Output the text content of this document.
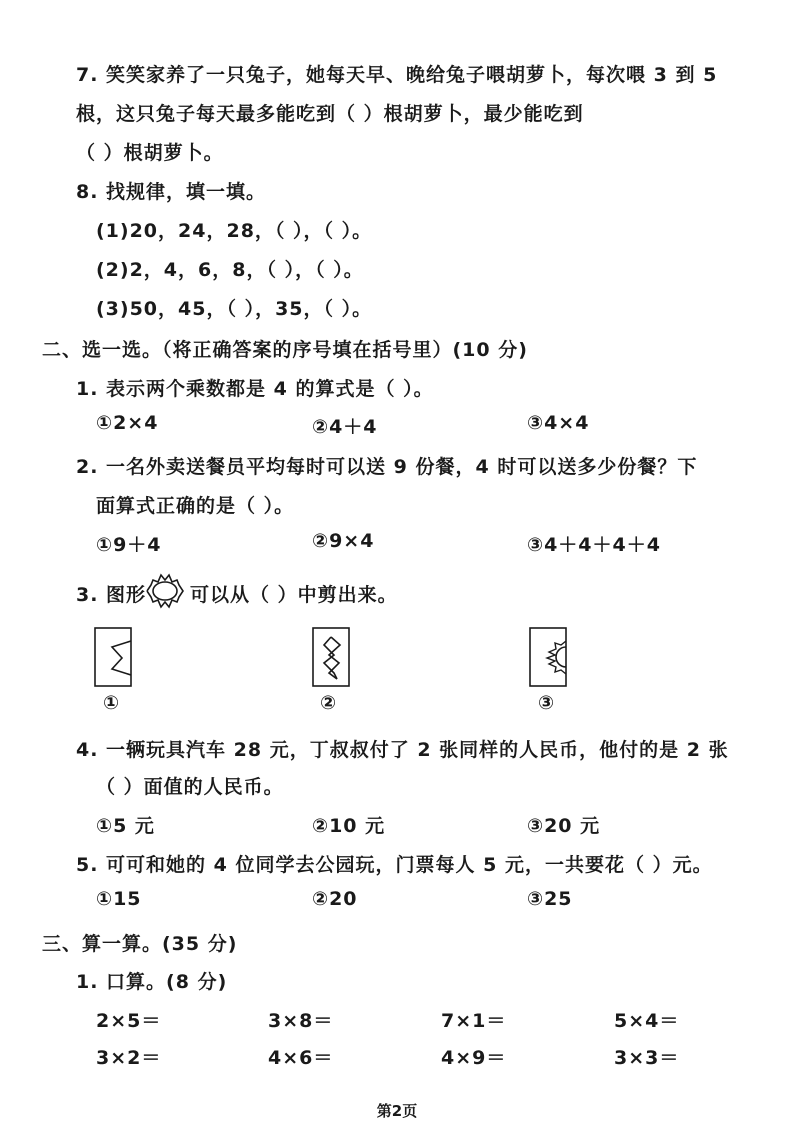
7. 笑笑家养了一只兔子，她每天早、晚给兔子喂胡萝卜，每次喂 3 到 5
根，这只兔子每天最多能吃到（ ）根胡萝卜，最少能吃到
（ ）根胡萝卜。
8. 找规律，填一填。
(1)20，24，28，（ ），（ ）。
(2)2，4，6，8，（ ），（ ）。
(3)50，45，（ ），35，（ ）。
二、选一选。（将正确答案的序号填在括号里）(10 分)
1. 表示两个乘数都是 4 的算式是（ ）。
①2×4	②4＋4	③4×4
2. 一名外卖送餐员平均每时可以送 9 份餐，4 时可以送多少份餐？下
面算式正确的是（ ）。
①9＋4	②9×4	③4＋4＋4＋4
3. 图形 可以从（ ）中剪出来。
①	②	③
4. 一辆玩具汽车 28 元，丁叔叔付了 2 张同样的人民币，他付的是 2 张
（ ）面值的人民币。
①5 元	②10 元	③20 元
5. 可可和她的 4 位同学去公园玩，门票每人 5 元，一共要花（ ）元。
①15	②20	③25
三、算一算。(35 分)
1. 口算。(8 分)
2×5＝	3×8＝	7×1＝	5×4＝
3×2＝	4×6＝	4×9＝	3×3＝
第2页
